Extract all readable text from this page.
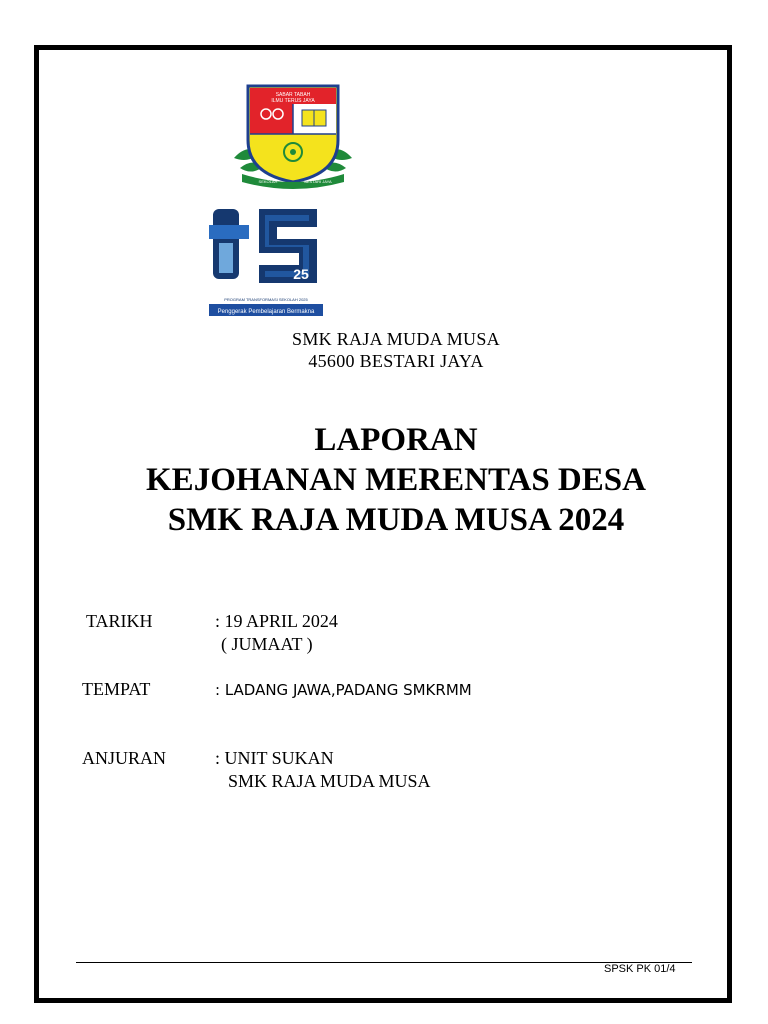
SABAR TABAH
ILMU TERUS JAYA
SEKOLAH	BESTARI JAYA
25
PROGRAM TRANSFORMASI SEKOLAH 2025
Penggerak Pembelajaran Bermakna
SMK RAJA MUDA MUSA
45600 BESTARI JAYA
LAPORAN
KEJOHANAN MERENTAS DESA
SMK RAJA MUDA MUSA 2024
TARIKH	: 19 APRIL 2024
( JUMAAT )
TEMPAT	: LADANG JAWA,PADANG SMKRMM
ANJURAN	: UNIT SUKAN
SMK RAJA MUDA MUSA
SPSK PK 01/4
